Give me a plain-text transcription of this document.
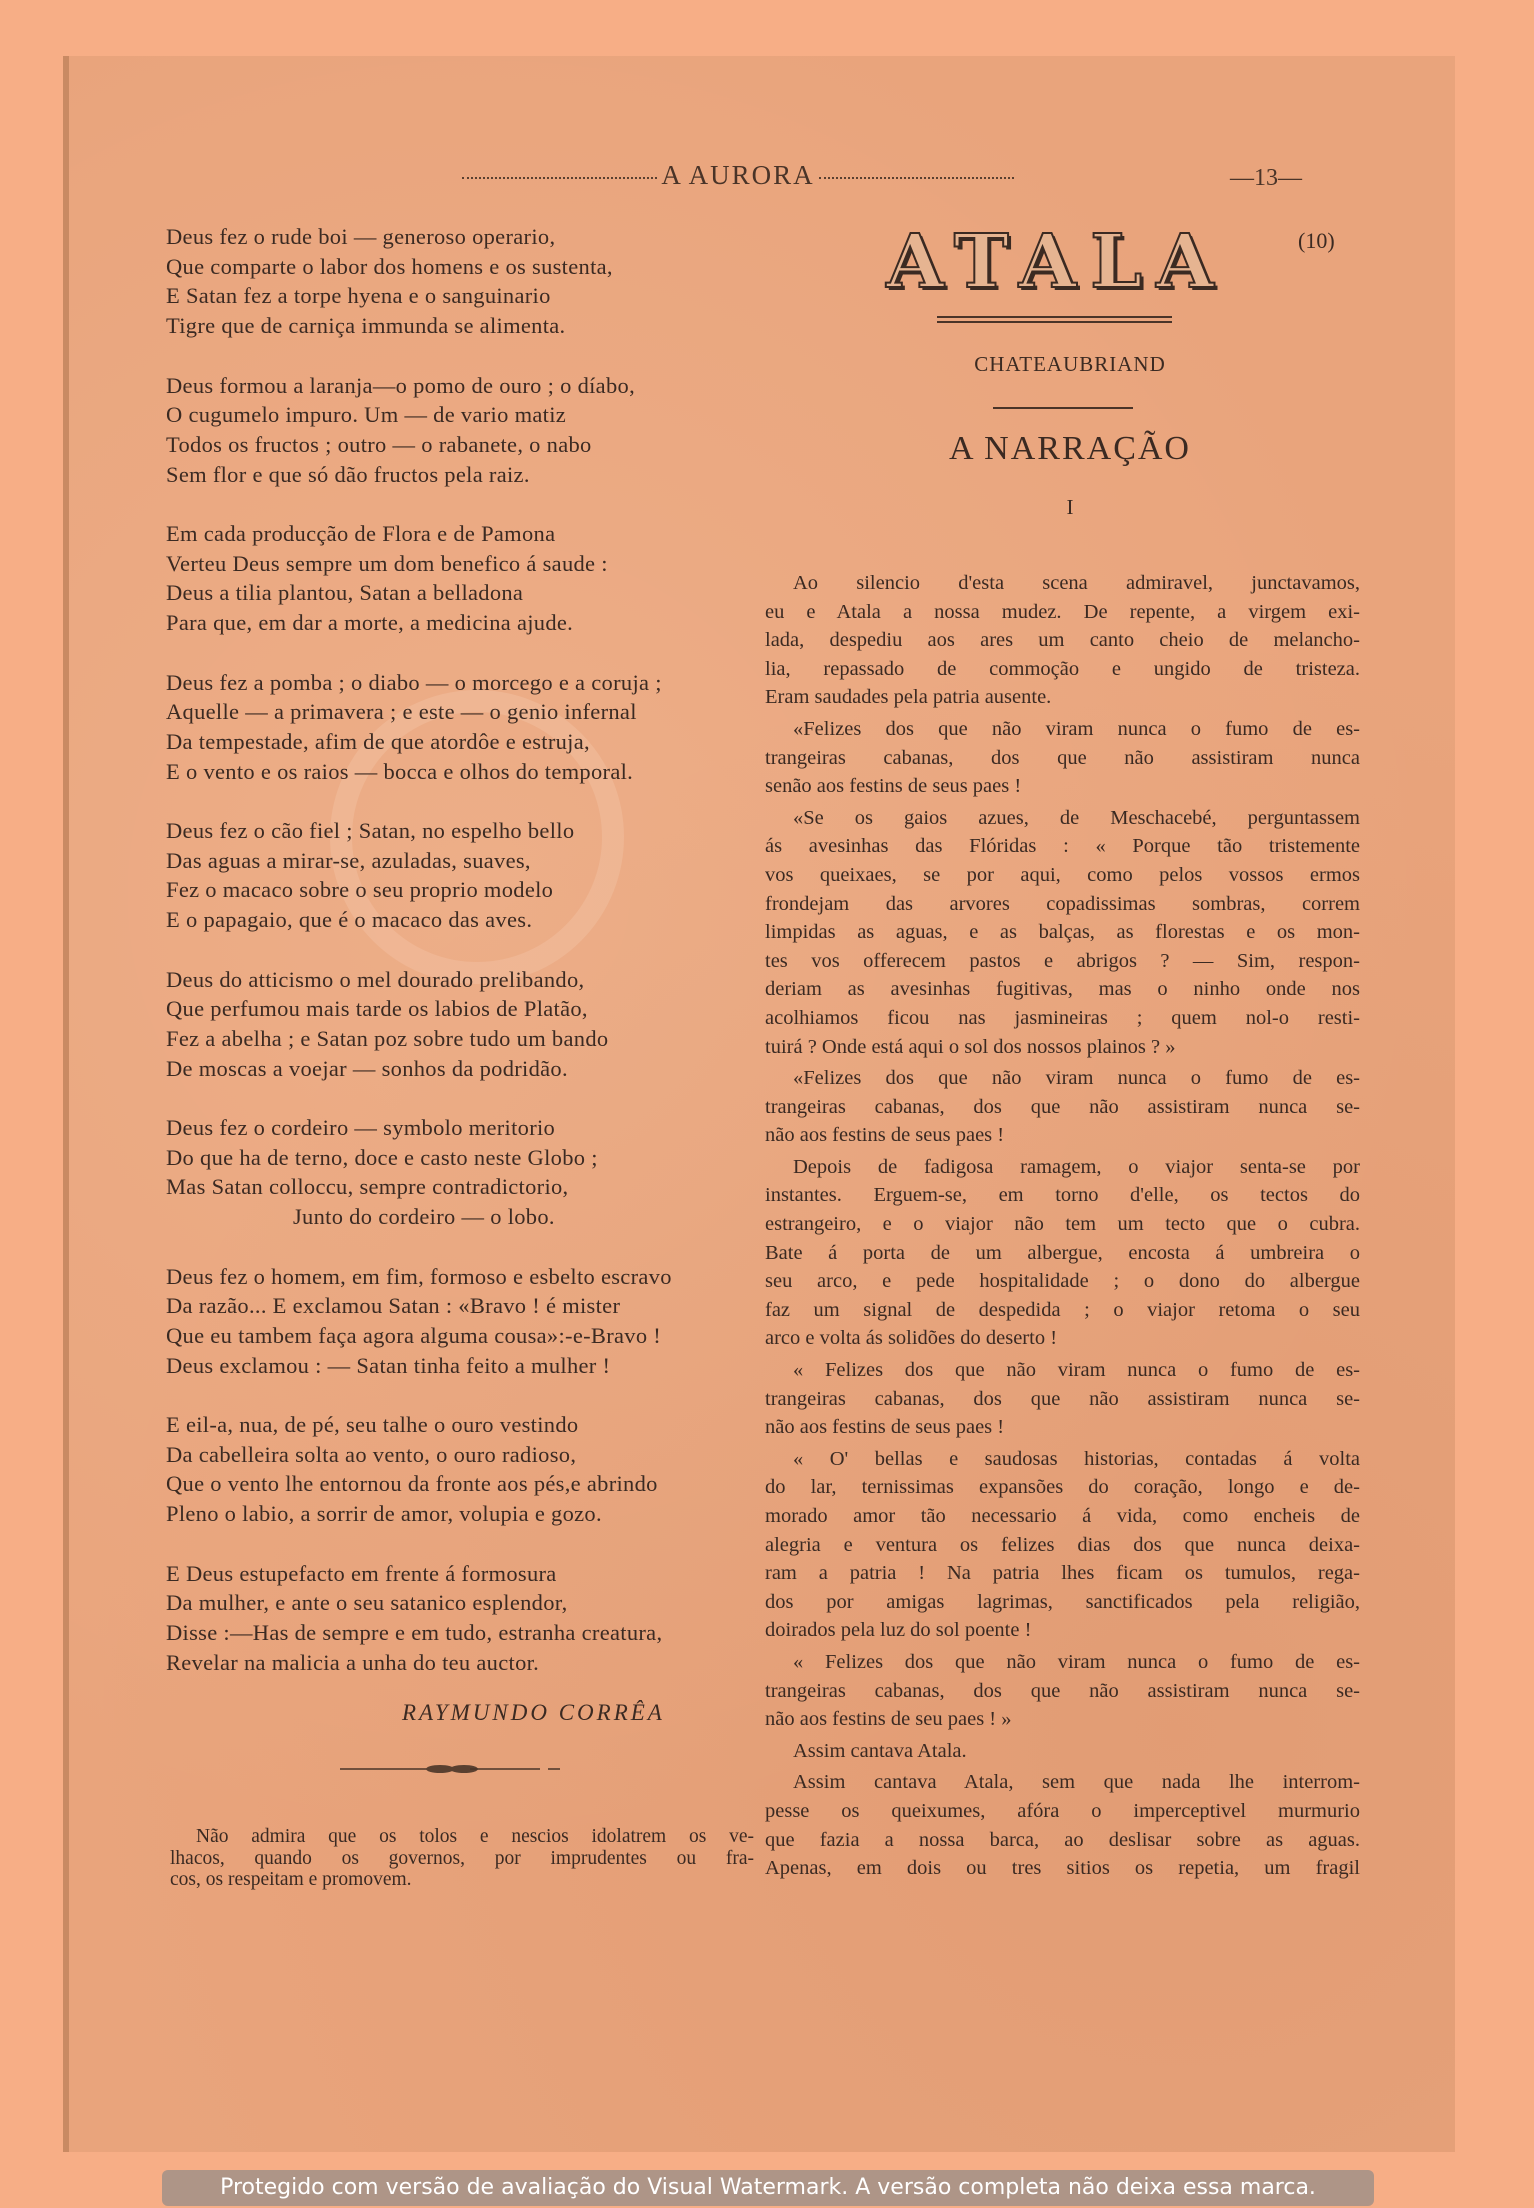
A AURORA	—13—
Deus fez o rude boi — generoso operario,
Que comparte o labor dos homens e os sustenta,
E Satan fez a torpe hyena e o sanguinario
Tigre que de carniça immunda se alimenta.
Deus formou a laranja—o pomo de ouro ; o díabo,
O cugumelo impuro. Um — de vario matiz
Todos os fructos ; outro — o rabanete, o nabo
Sem flor e que só dão fructos pela raiz.
Em cada producção de Flora e de Pamona
Verteu Deus sempre um dom benefico á saude :
Deus a tilia plantou, Satan a belladona
Para que, em dar a morte, a medicina ajude.
Deus fez a pomba ; o diabo — o morcego e a coruja ;
Aquelle — a primavera ; e este — o genio infernal
Da tempestade, afim de que atordôe e estruja,
E o vento e os raios — bocca e olhos do temporal.
Deus fez o cão fiel ; Satan, no espelho bello
Das aguas a mirar-se, azuladas, suaves,
Fez o macaco sobre o seu proprio modelo
E o papagaio, que é o macaco das aves.
Deus do atticismo o mel dourado prelibando,
Que perfumou mais tarde os labios de Platão,
Fez a abelha ; e Satan poz sobre tudo um bando
De moscas a voejar — sonhos da podridão.
Deus fez o cordeiro — symbolo meritorio
Do que ha de terno, doce e casto neste Globo ;
Mas Satan colloccu, sempre contradictorio,
Junto do cordeiro — o lobo.
Deus fez o homem, em fim, formoso e esbelto escravo
Da razão... E exclamou Satan : «Bravo ! é mister
Que eu tambem faça agora alguma cousa»:-e-Bravo !
Deus exclamou : — Satan tinha feito a mulher !
E eil-a, nua, de pé, seu talhe o ouro vestindo
Da cabelleira solta ao vento, o ouro radioso,
Que o vento lhe entornou da fronte aos pés,e abrindo
Pleno o labio, a sorrir de amor, volupia e gozo.
E Deus estupefacto em frente á formosura
Da mulher, e ante o seu satanico esplendor,
Disse :—Has de sempre e em tudo, estranha creatura,
Revelar na malicia a unha do teu auctor.
RAYMUNDO CORRÊA
Não admira que os tolos e nescios idolatrem os ve-
lhacos, quando os governos, por imprudentes ou fra-
cos, os respeitam e promovem.
ATALA	(10)
CHATEAUBRIAND
A NARRAÇÃO
I
Ao silencio d'esta scena admiravel, junctavamos,
eu e Atala a nossa mudez. De repente, a virgem exi-
lada, despediu aos ares um canto cheio de melancho-
lia, repassado de commoção e ungido de tristeza.
Eram saudades pela patria ausente.
«Felizes dos que não viram nunca o fumo de es-
trangeiras cabanas, dos que não assistiram nunca
senão aos festins de seus paes !
«Se os gaios azues, de Meschacebé, perguntassem
ás avesinhas das Flóridas : « Porque tão tristemente
vos queixaes, se por aqui, como pelos vossos ermos
frondejam das arvores copadissimas sombras, correm
limpidas as aguas, e as balças, as florestas e os mon-
tes vos offerecem pastos e abrigos ? — Sim, respon-
deriam as avesinhas fugitivas, mas o ninho onde nos
acolhiamos ficou nas jasmineiras ; quem nol-o resti-
tuirá ? Onde está aqui o sol dos nossos plainos ? »
«Felizes dos que não viram nunca o fumo de es-
trangeiras cabanas, dos que não assistiram nunca se-
não aos festins de seus paes !
Depois de fadigosa ramagem, o viajor senta-se por
instantes. Erguem-se, em torno d'elle, os tectos do
estrangeiro, e o viajor não tem um tecto que o cubra.
Bate á porta de um albergue, encosta á umbreira o
seu arco, e pede hospitalidade ; o dono do albergue
faz um signal de despedida ; o viajor retoma o seu
arco e volta ás solidões do deserto !
« Felizes dos que não viram nunca o fumo de es-
trangeiras cabanas, dos que não assistiram nunca se-
não aos festins de seus paes !
« O' bellas e saudosas historias, contadas á volta
do lar, ternissimas expansões do coração, longo e de-
morado amor tão necessario á vida, como encheis de
alegria e ventura os felizes dias dos que nunca deixa-
ram a patria ! Na patria lhes ficam os tumulos, rega-
dos por amigas lagrimas, sanctificados pela religião,
doirados pela luz do sol poente !
« Felizes dos que não viram nunca o fumo de es-
trangeiras cabanas, dos que não assistiram nunca se-
não aos festins de seu paes ! »
Assim cantava Atala.
Assim cantava Atala, sem que nada lhe interrom-
pesse os queixumes, afóra o imperceptivel murmurio
que fazia a nossa barca, ao deslisar sobre as aguas.
Apenas, em dois ou tres sitios os repetia, um fragil
Protegido com versão de avaliação do Visual Watermark. A versão completa não deixa essa marca.
